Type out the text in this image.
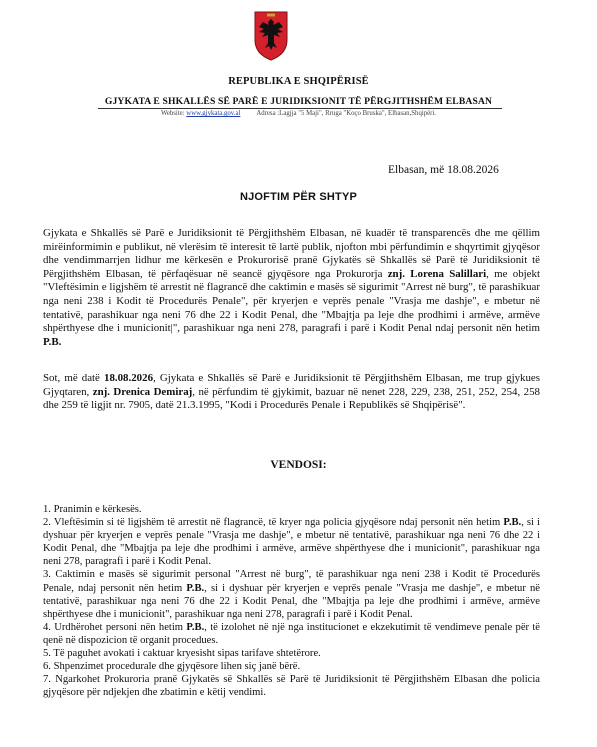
REPUBLIKA E SHQIPËRISË
GJYKATA E SHKALLËS SË PARË E JURIDIKSIONIT TË PËRGJITHSHËM ELBASAN
Website: www.gjykata.gov.al Adresa :Lagjja "5 Maji", Rruga "Koço Bruska", Elbasan,Shqipëri.
Elbasan, më 18.08.2026
NJOFTIM PËR SHTYP
Gjykata e Shkallës së Parë e Juridiksionit të Përgjithshëm Elbasan, në kuadër të transparencës dhe me qëllim mirëinformimin e publikut, në vlerësim të interesit të lartë publik, njofton mbi përfundimin e shqyrtimit gjyqësor dhe vendimmarrjen lidhur me kërkesën e Prokurorisë pranë Gjykatës së Shkallës së Parë të Juridiksionit të Përgjithshëm Elbasan, të përfaqësuar në seancë gjyqësore nga Prokurorja znj. Lorena Salillari, me objekt "Vleftësimin e ligjshëm të arrestit në flagrancë dhe caktimin e masës së sigurimit "Arrest në burg", të parashikuar nga neni 238 i Kodit të Procedurës Penale", për kryerjen e veprës penale "Vrasja me dashje", e mbetur në tentativë, parashikuar nga neni 76 dhe 22 i Kodit Penal, dhe "Mbajtja pa leje dhe prodhimi i armëve, armëve shpërthyese dhe i municionit|", parashikuar nga neni 278, paragrafi i parë i Kodit Penal ndaj personit nën hetim P.B.
Sot, më datë 18.08.2026, Gjykata e Shkallës së Parë e Juridiksionit të Përgjithshëm Elbasan, me trup gjykues Gjyqtaren, znj. Drenica Demiraj, në përfundim të gjykimit, bazuar në nenet 228, 229, 238, 251, 252, 254, 258 dhe 259 të ligjit nr. 7905, datë 21.3.1995, "Kodi i Procedurës Penale i Republikës së Shqipërisë".
VENDOSI:
1. Pranimin e kërkesës.
2. Vleftësimin si të ligjshëm të arrestit në flagrancë, të kryer nga policia gjyqësore ndaj personit nën hetim P.B., si i dyshuar për kryerjen e veprës penale "Vrasja me dashje", e mbetur në tentativë, parashikuar nga neni 76 dhe 22 i Kodit Penal, dhe "Mbajtja pa leje dhe prodhimi i armëve, armëve shpërthyese dhe i municionit", parashikuar nga neni 278, paragrafi i parë i Kodit Penal.
3. Caktimin e masës së sigurimit personal "Arrest në burg", të parashikuar nga neni 238 i Kodit të Procedurës Penale, ndaj personit nën hetim P.B., si i dyshuar për kryerjen e veprës penale "Vrasja me dashje", e mbetur në tentativë, parashikuar nga neni 76 dhe 22 i Kodit Penal, dhe "Mbajtja pa leje dhe prodhimi i armëve, armëve shpërthyese dhe i municionit", parashikuar nga neni 278, paragrafi i parë i Kodit Penal.
4. Urdhërohet personi nën hetim P.B., të izolohet në një nga institucionet e ekzekutimit të vendimeve penale për të qenë në dispozicion të organit procedues.
5. Të paguhet avokati i caktuar kryesisht sipas tarifave shtetërore.
6. Shpenzimet procedurale dhe gjyqësore lihen siç janë bërë.
7. Ngarkohet Prokuroria pranë Gjykatës së Shkallës së Parë të Juridiksionit të Përgjithshëm Elbasan dhe policia gjyqësore për ndjekjen dhe zbatimin e këtij vendimi.
